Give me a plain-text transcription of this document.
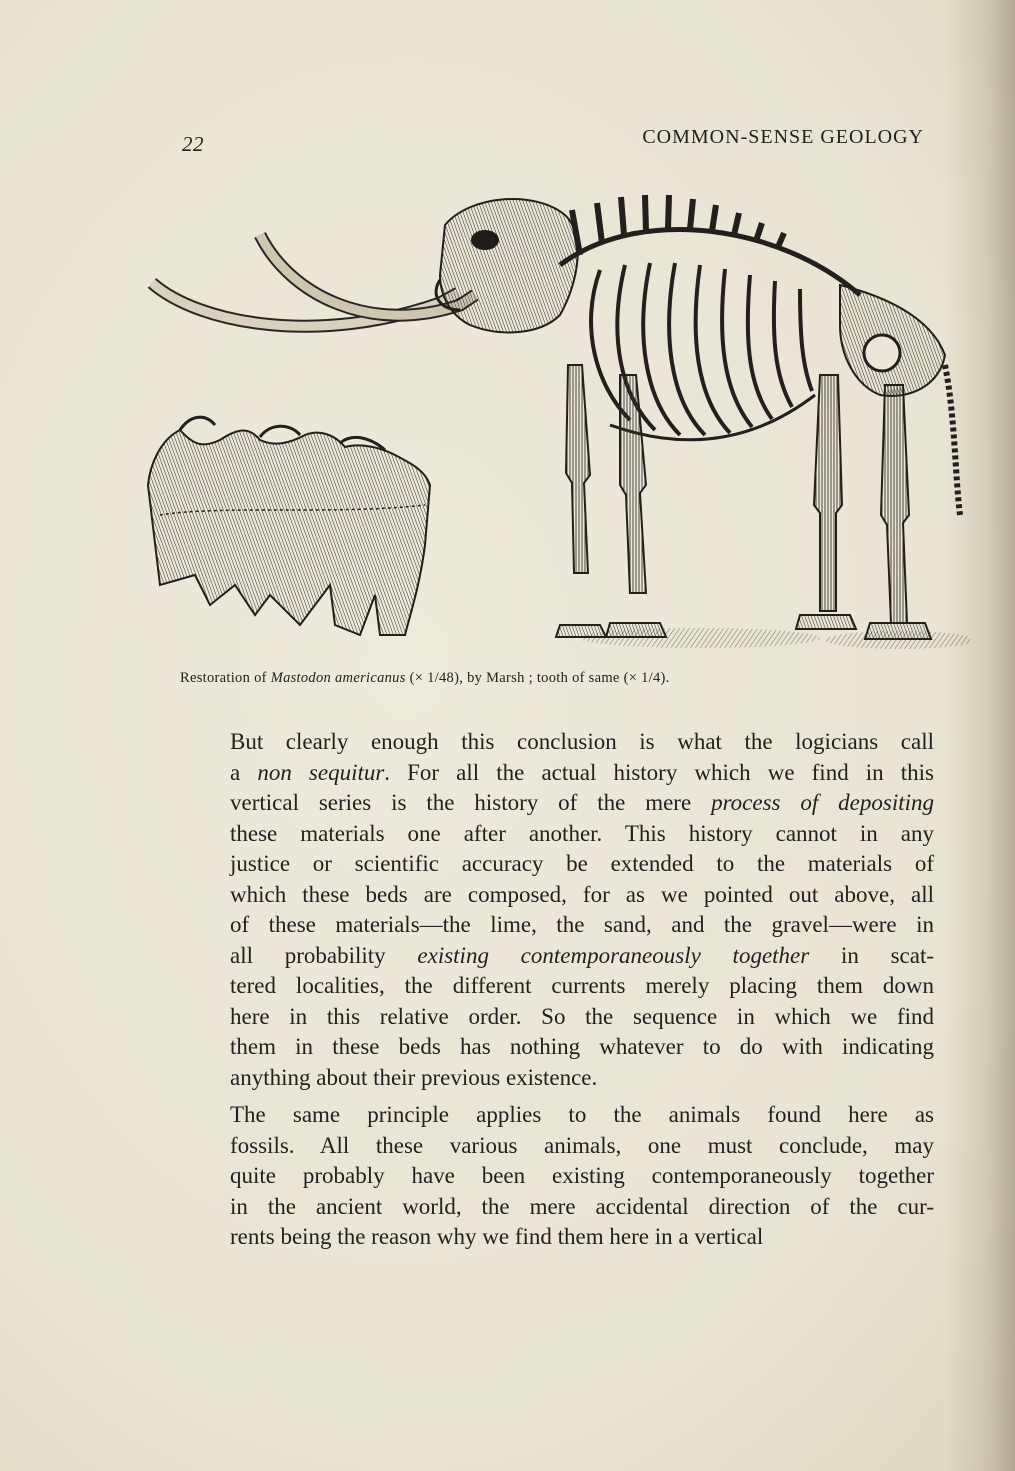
22	COMMON-SENSE GEOLOGY
Restoration of Mastodon americanus (× 1/48), by Marsh ; tooth of same (× 1/4).

But clearly enough this conclusion is what the logicians call
a non sequitur. For all the actual history which we find in this
vertical series is the history of the mere process of depositing
these materials one after another. This history cannot in any
justice or scientific accuracy be extended to the materials of
which these beds are composed, for as we pointed out above, all
of these materials—the lime, the sand, and the gravel—were in
all probability existing contemporaneously together in scat-
tered localities, the different currents merely placing them down
here in this relative order. So the sequence in which we find
them in these beds has nothing whatever to do with indicating
anything about their previous existence.

The same principle applies to the animals found here as
fossils. All these various animals, one must conclude, may
quite probably have been existing contemporaneously together
in the ancient world, the mere accidental direction of the cur-
rents being the reason why we find them here in a vertical
